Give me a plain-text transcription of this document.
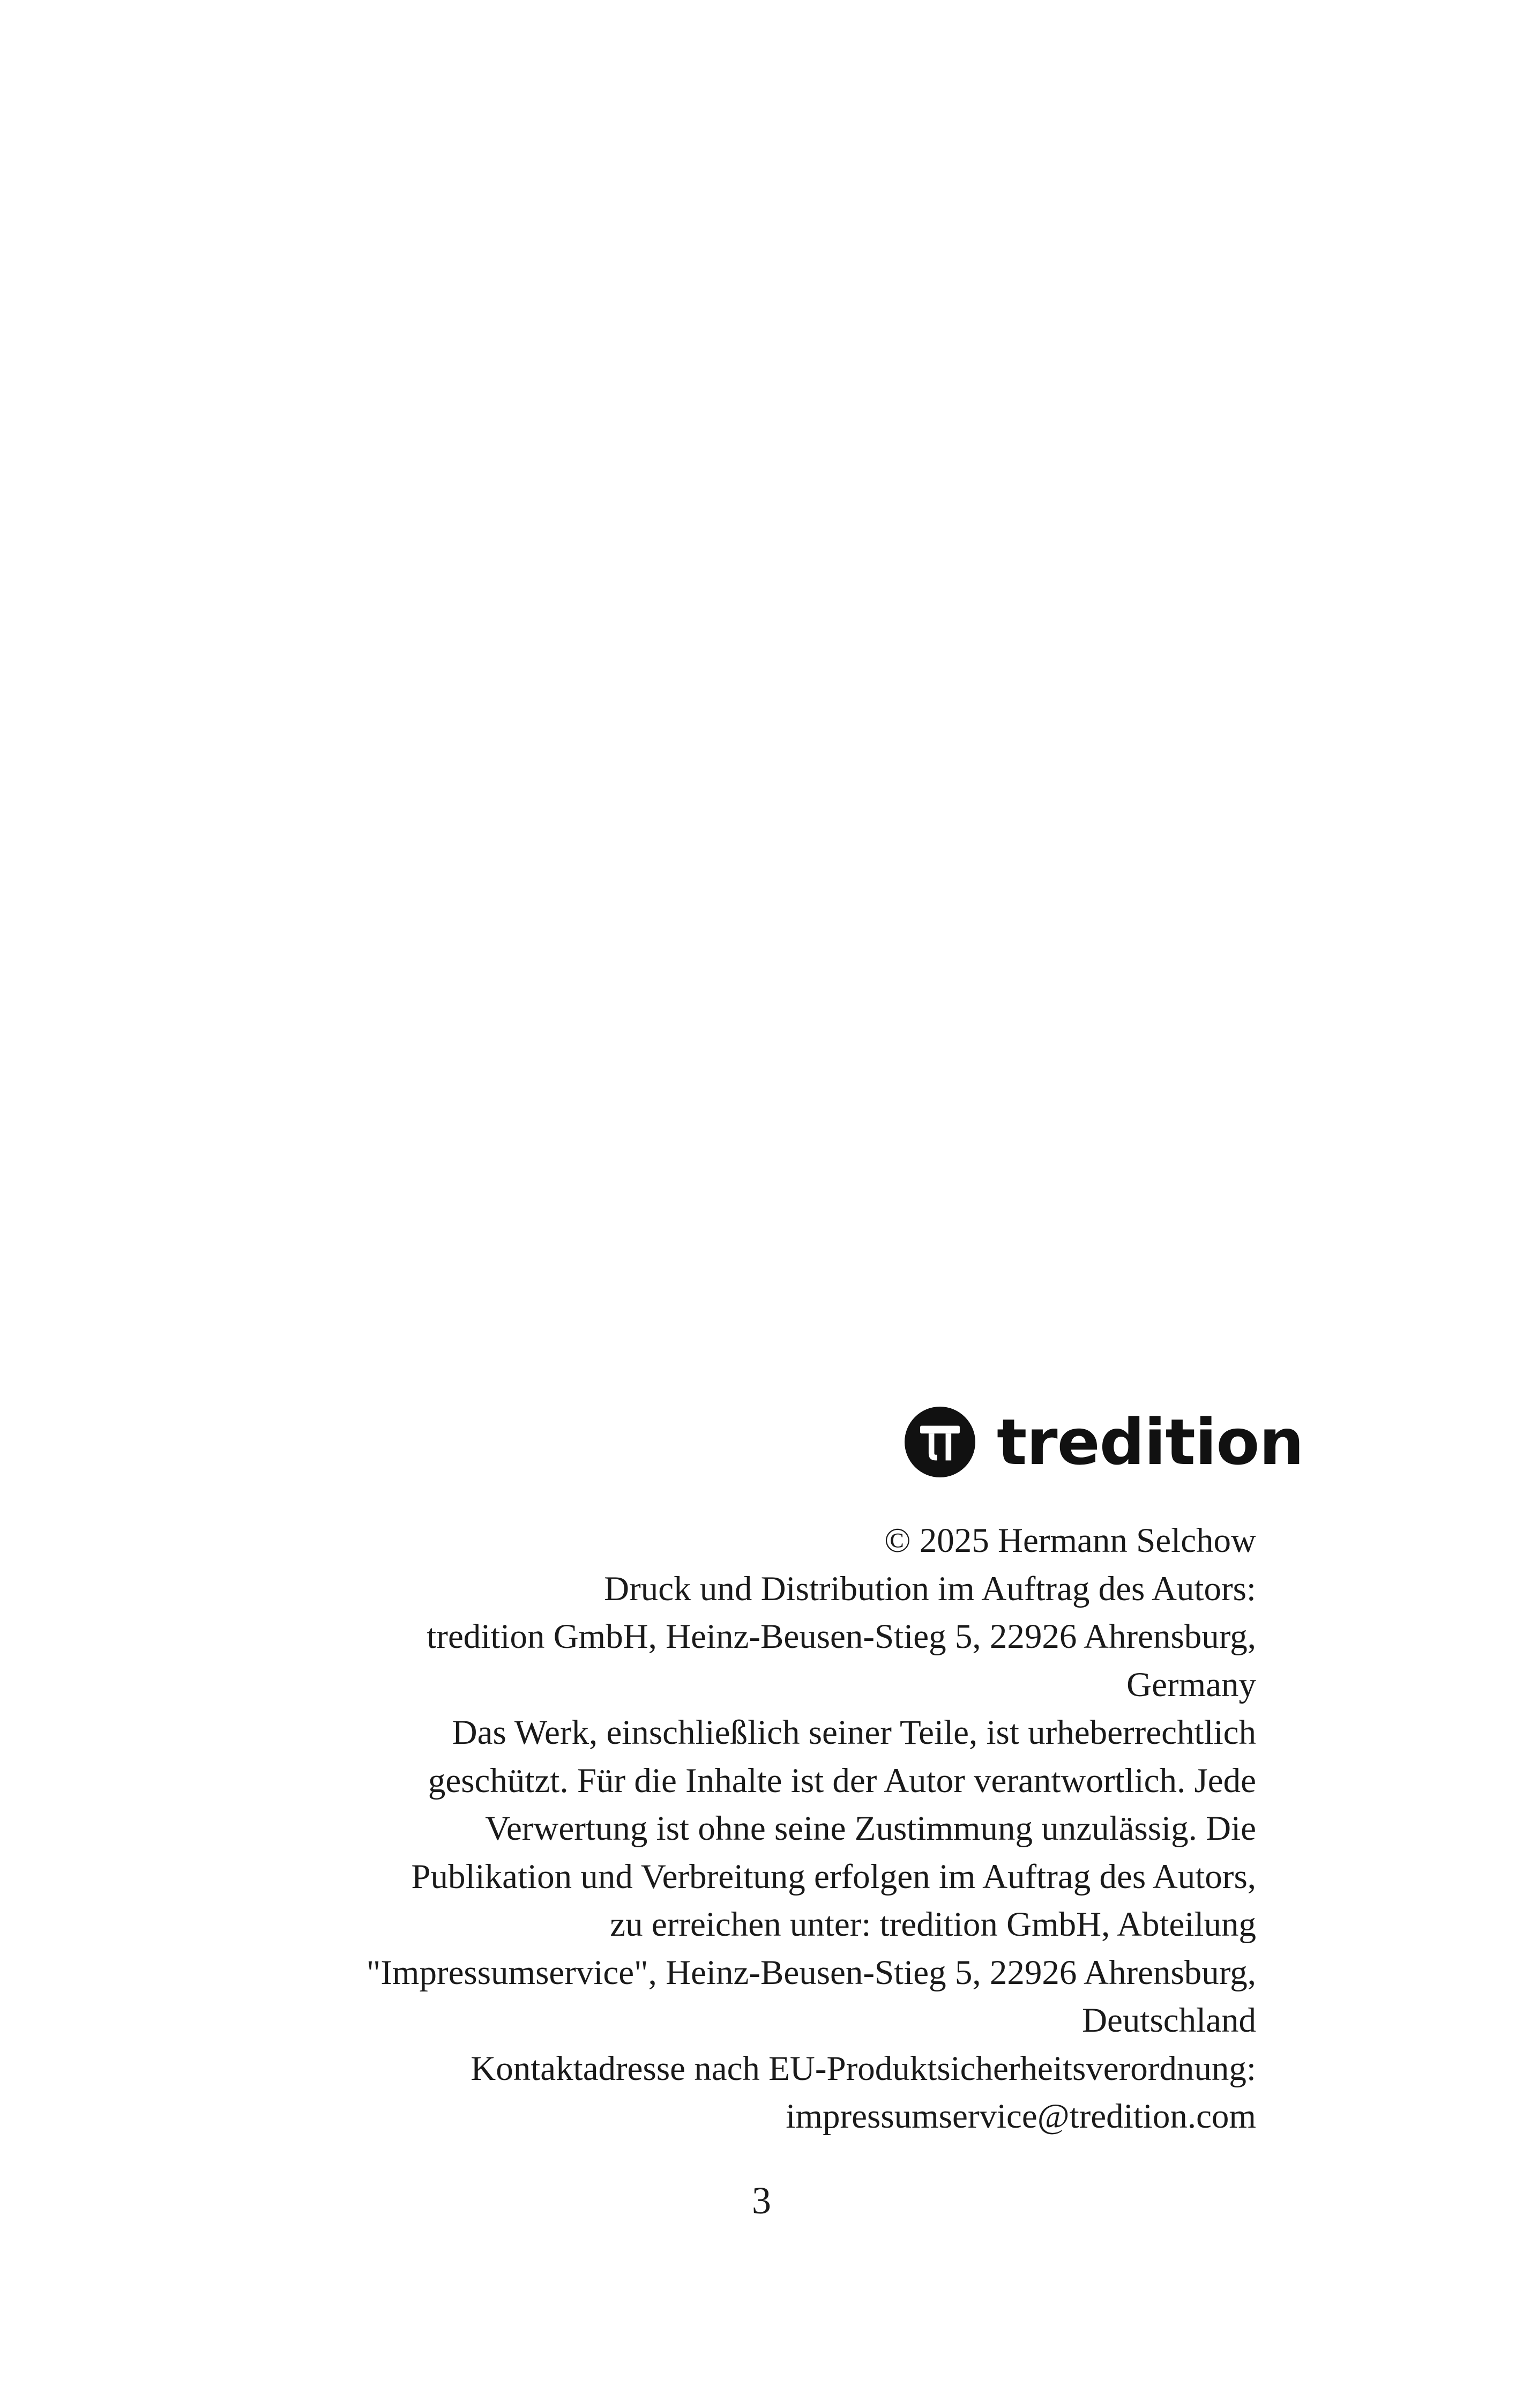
tredition
© 2025 Hermann Selchow
Druck und Distribution im Auftrag des Autors:
tredition GmbH, Heinz-Beusen-Stieg 5, 22926 Ahrensburg,
Germany
Das Werk, einschließlich seiner Teile, ist urheberrechtlich
geschützt. Für die Inhalte ist der Autor verantwortlich. Jede
Verwertung ist ohne seine Zustimmung unzulässig. Die
Publikation und Verbreitung erfolgen im Auftrag des Autors,
zu erreichen unter: tredition GmbH, Abteilung
"Impressumservice", Heinz-Beusen-Stieg 5, 22926 Ahrensburg,
Deutschland
Kontaktadresse nach EU-Produktsicherheitsverordnung:
impressumservice@tredition.com
3
